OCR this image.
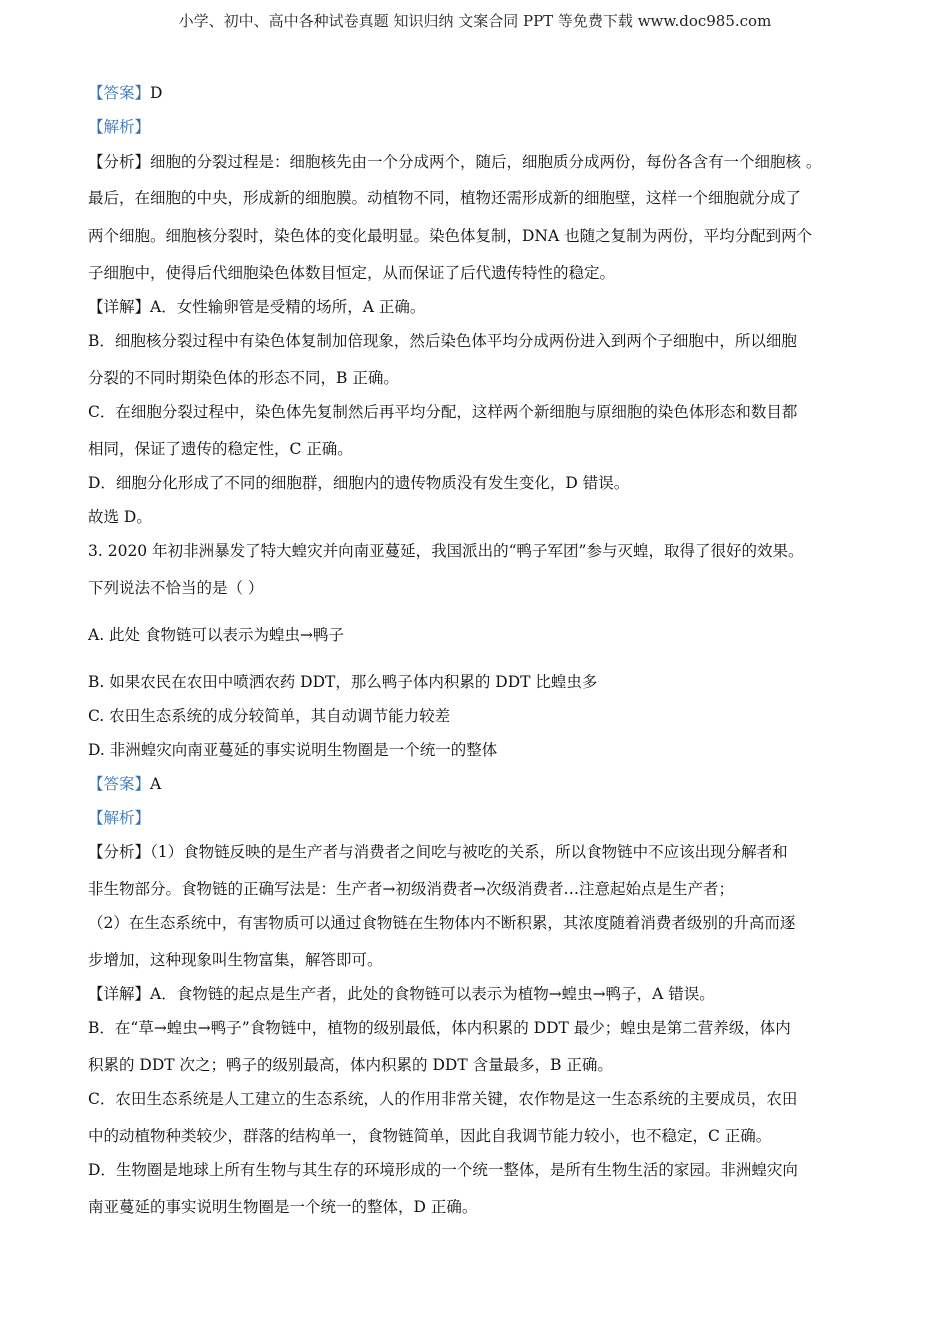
小学、初中、高中各种试卷真题 知识归纳 文案合同 PPT 等免费下载 www.doc985.com
【答案】D
【解析】
【分析】细胞的分裂过程是：细胞核先由一个分成两个，随后，细胞质分成两份，每份各含有一个细胞核 。
最后，在细胞的中央，形成新的细胞膜。动植物不同，植物还需形成新的细胞壁，这样一个细胞就分成了
两个细胞。细胞核分裂时，染色体的变化最明显。染色体复制，DNA 也随之复制为两份，平均分配到两个
子细胞中，使得后代细胞染色体数目恒定，从而保证了后代遗传特性的稳定。
【详解】A．女性输卵管是受精的场所，A 正确。
B．细胞核分裂过程中有染色体复制加倍现象，然后染色体平均分成两份进入到两个子细胞中，所以细胞
分裂的不同时期染色体的形态不同，B 正确。
C．在细胞分裂过程中，染色体先复制然后再平均分配，这样两个新细胞与原细胞的染色体形态和数目都
相同，保证了遗传的稳定性，C 正确。
D．细胞分化形成了不同的细胞群，细胞内的遗传物质没有发生变化，D 错误。
故选 D。
3. 2020 年初非洲暴发了特大蝗灾并向南亚蔓延，我国派出的“鸭子军团”参与灭蝗，取得了很好的效果。
下列说法不恰当的是（ ）
A. 此处 食物链可以表示为蝗虫→鸭子
B. 如果农民在农田中喷洒农药 DDT，那么鸭子体内积累的 DDT 比蝗虫多
C. 农田生态系统的成分较简单，其自动调节能力较差
D. 非洲蝗灾向南亚蔓延的事实说明生物圈是一个统一的整体
【答案】A
【解析】
【分析】（1）食物链反映的是生产者与消费者之间吃与被吃的关系，所以食物链中不应该出现分解者和
非生物部分。食物链的正确写法是：生产者→初级消费者→次级消费者…注意起始点是生产者；
（2）在生态系统中，有害物质可以通过食物链在生物体内不断积累，其浓度随着消费者级别的升高而逐
步增加，这种现象叫生物富集，解答即可。
【详解】A．食物链的起点是生产者，此处的食物链可以表示为植物→蝗虫→鸭子，A 错误。
B．在“草→蝗虫→鸭子”食物链中，植物的级别最低，体内积累的 DDT 最少；蝗虫是第二营养级，体内
积累的 DDT 次之；鸭子的级别最高，体内积累的 DDT 含量最多，B 正确。
C．农田生态系统是人工建立的生态系统，人的作用非常关键，农作物是这一生态系统的主要成员，农田
中的动植物种类较少，群落的结构单一，食物链简单，因此自我调节能力较小，也不稳定，C 正确。
D．生物圈是地球上所有生物与其生存的环境形成的一个统一整体，是所有生物生活的家园。非洲蝗灾向
南亚蔓延的事实说明生物圈是一个统一的整体，D 正确。
